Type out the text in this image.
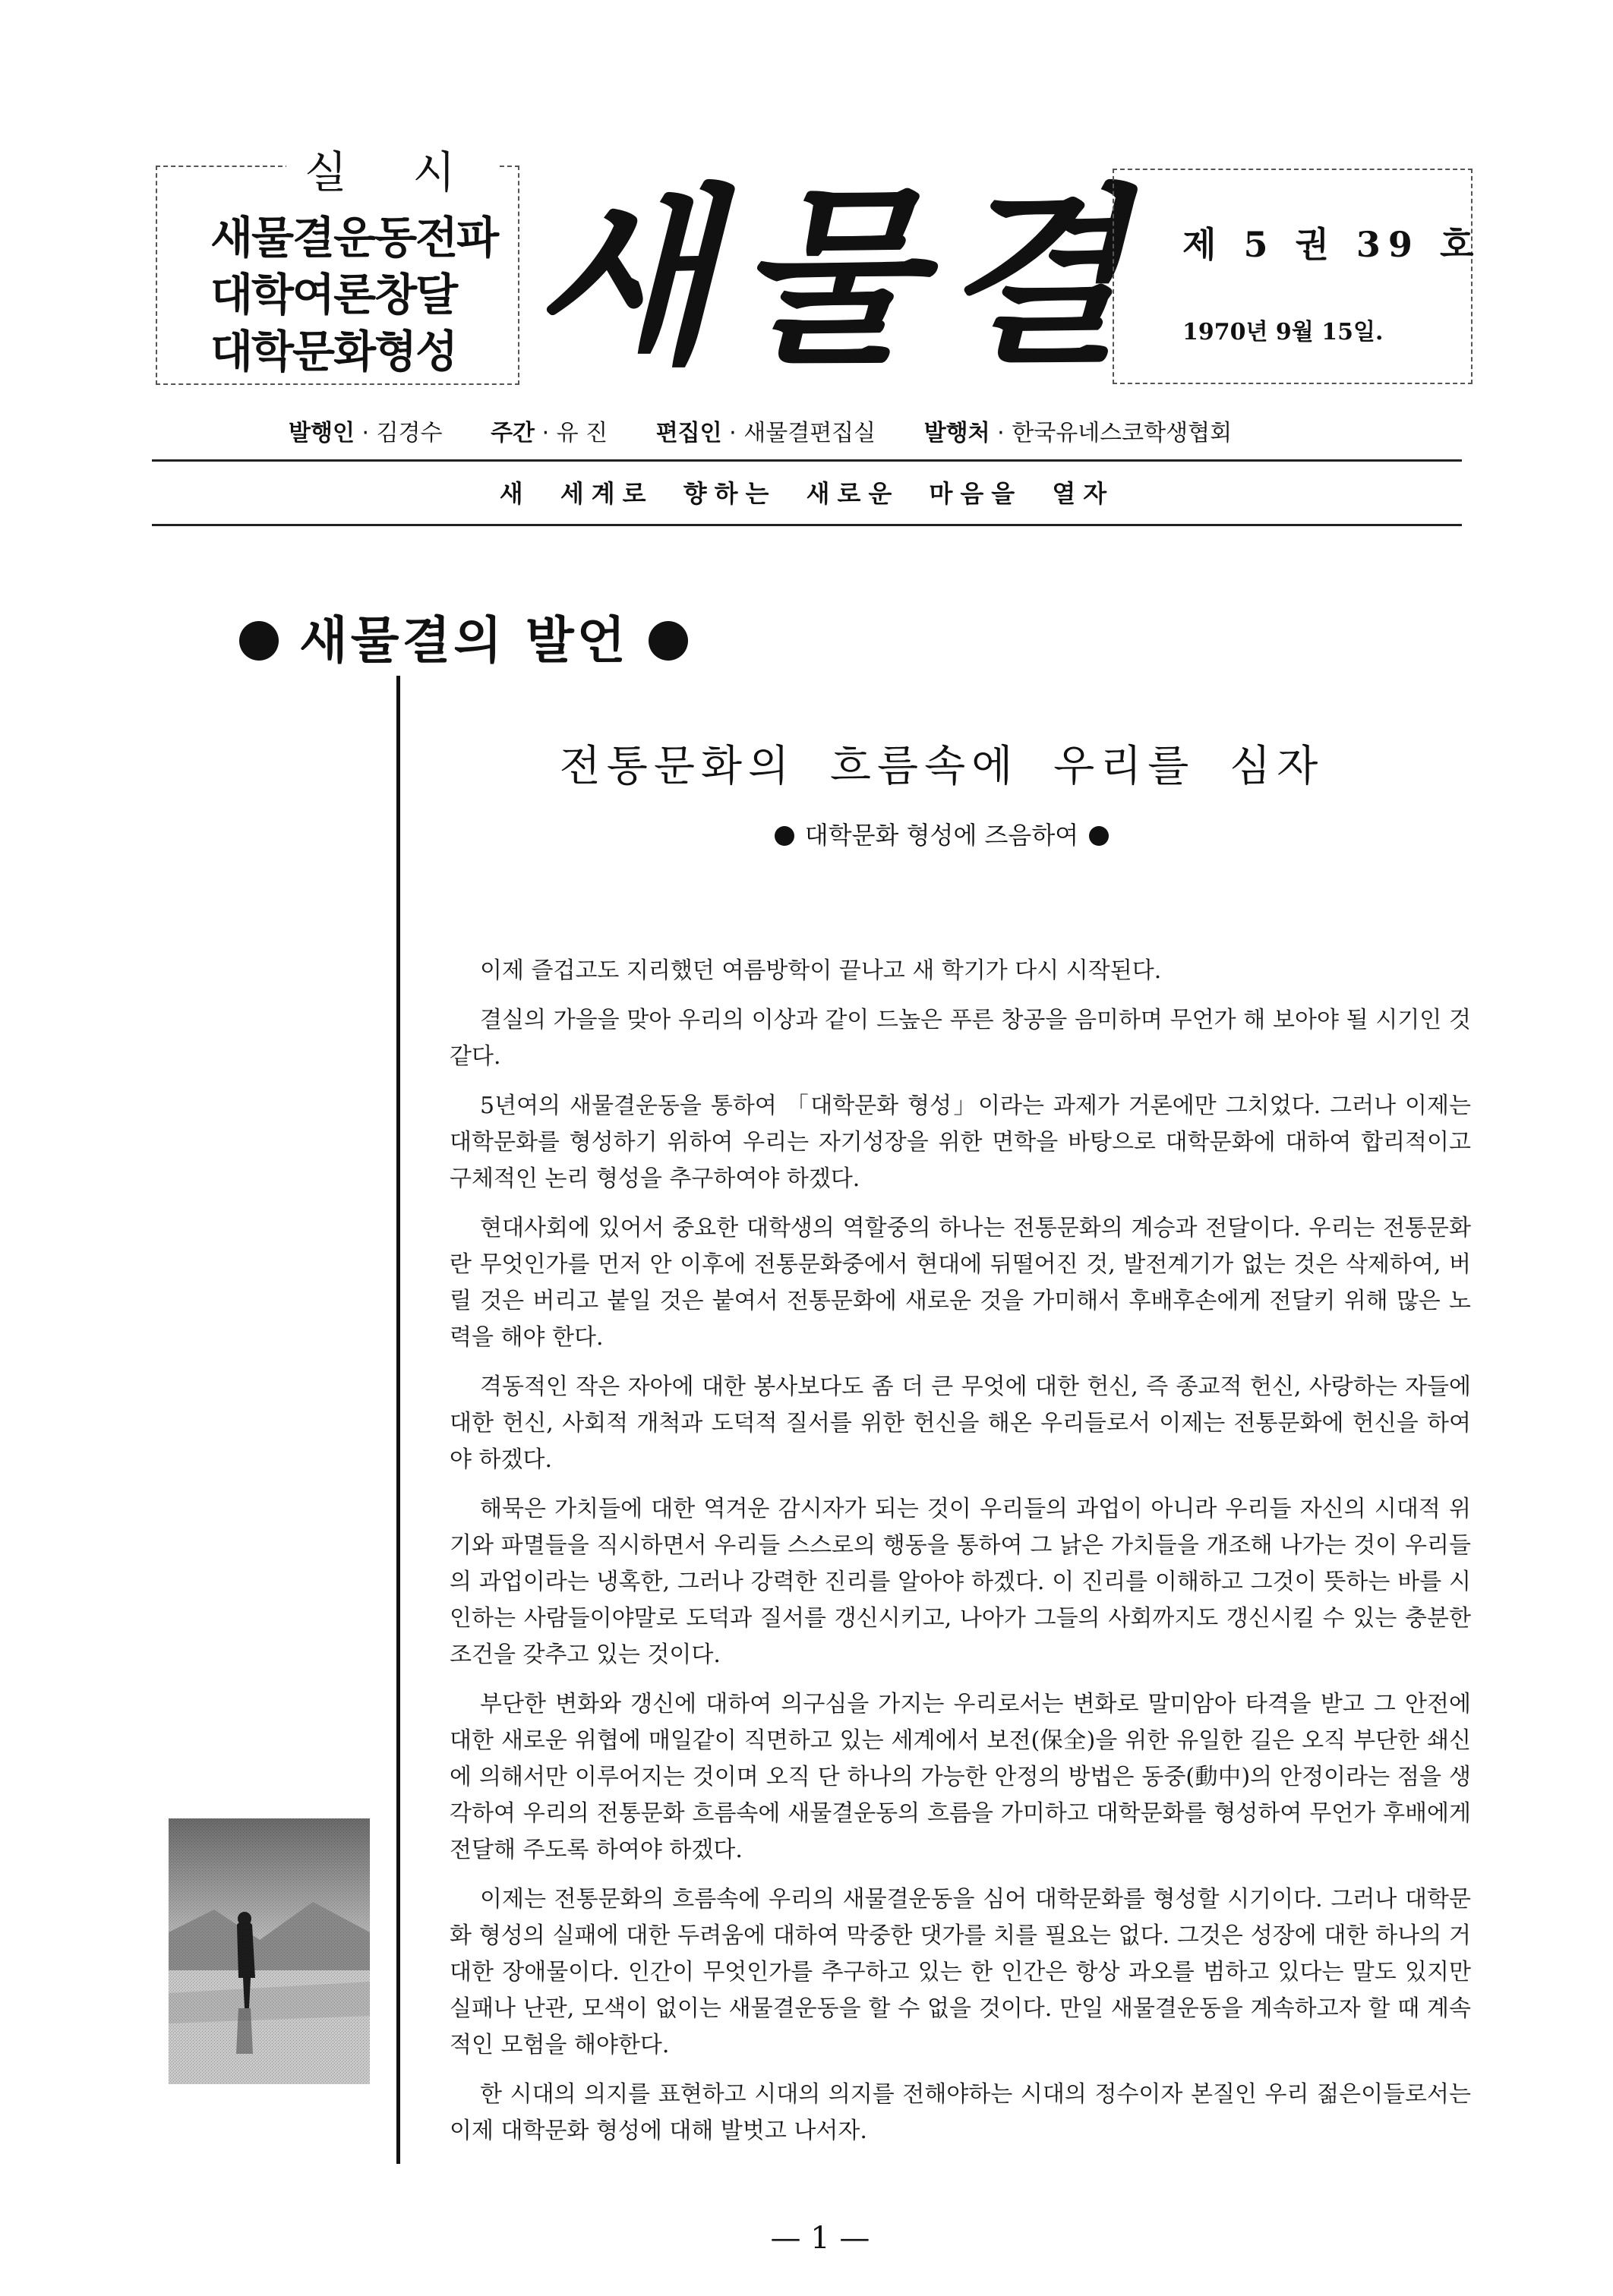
실 시
새물결운동전파
대학여론창달
대학문화형성 새물결 제 5 권 39 호
1970년 9월 15일.
발행인 · 김경수 주간 · 유 진 편집인 · 새물결편집실 발행처 · 한국유네스코학생협회
새 세계로 향하는 새로운 마음을 열자
새물결의 발언
전통문화의 흐름속에 우리를 심자
대학문화 형성에 즈음하여

이제 즐겁고도 지리했던 여름방학이 끝나고 새 학기가 다시 시작된다.

결실의 가을을 맞아 우리의 이상과 같이 드높은 푸른 창공을 음미하며 무언가 해 보아야 될 시기인 것 같다.

5년여의 새물결운동을 통하여 「대학문화 형성」이라는 과제가 거론에만 그치었다. 그러나 이제는 대학문화를 형성하기 위하여 우리는 자기성장을 위한 면학을 바탕으로 대학문화에 대하여 합리적이고 구체적인 논리 형성을 추구하여야 하겠다.

현대사회에 있어서 중요한 대학생의 역할중의 하나는 전통문화의 계승과 전달이다. 우리는 전통문화란 무엇인가를 먼저 안 이후에 전통문화중에서 현대에 뒤떨어진 것, 발전계기가 없는 것은 삭제하여, 버릴 것은 버리고 붙일 것은 붙여서 전통문화에 새로운 것을 가미해서 후배후손에게 전달키 위해 많은 노력을 해야 한다.

격동적인 작은 자아에 대한 봉사보다도 좀 더 큰 무엇에 대한 헌신, 즉 종교적 헌신, 사랑하는 자들에 대한 헌신, 사회적 개척과 도덕적 질서를 위한 헌신을 해온 우리들로서 이제는 전통문화에 헌신을 하여야 하겠다.

해묵은 가치들에 대한 역겨운 감시자가 되는 것이 우리들의 과업이 아니라 우리들 자신의 시대적 위기와 파멸들을 직시하면서 우리들 스스로의 행동을 통하여 그 낡은 가치들을 개조해 나가는 것이 우리들의 과업이라는 냉혹한, 그러나 강력한 진리를 알아야 하겠다. 이 진리를 이해하고 그것이 뜻하는 바를 시인하는 사람들이야말로 도덕과 질서를 갱신시키고, 나아가 그들의 사회까지도 갱신시킬 수 있는 충분한 조건을 갖추고 있는 것이다.

부단한 변화와 갱신에 대하여 의구심을 가지는 우리로서는 변화로 말미암아 타격을 받고 그 안전에 대한 새로운 위협에 매일같이 직면하고 있는 세계에서 보전(保全)을 위한 유일한 길은 오직 부단한 쇄신에 의해서만 이루어지는 것이며 오직 단 하나의 가능한 안정의 방법은 동중(動中)의 안정이라는 점을 생각하여 우리의 전통문화 흐름속에 새물결운동의 흐름을 가미하고 대학문화를 형성하여 무언가 후배에게 전달해 주도록 하여야 하겠다.

이제는 전통문화의 흐름속에 우리의 새물결운동을 심어 대학문화를 형성할 시기이다. 그러나 대학문화 형성의 실패에 대한 두려움에 대하여 막중한 댓가를 치를 필요는 없다. 그것은 성장에 대한 하나의 거대한 장애물이다. 인간이 무엇인가를 추구하고 있는 한 인간은 항상 과오를 범하고 있다는 말도 있지만 실패나 난관, 모색이 없이는 새물결운동을 할 수 없을 것이다. 만일 새물결운동을 계속하고자 할 때 계속적인 모험을 해야한다.

한 시대의 의지를 표현하고 시대의 의지를 전해야하는 시대의 정수이자 본질인 우리 젊은이들로서는 이제 대학문화 형성에 대해 발벗고 나서자.

— 1 —
